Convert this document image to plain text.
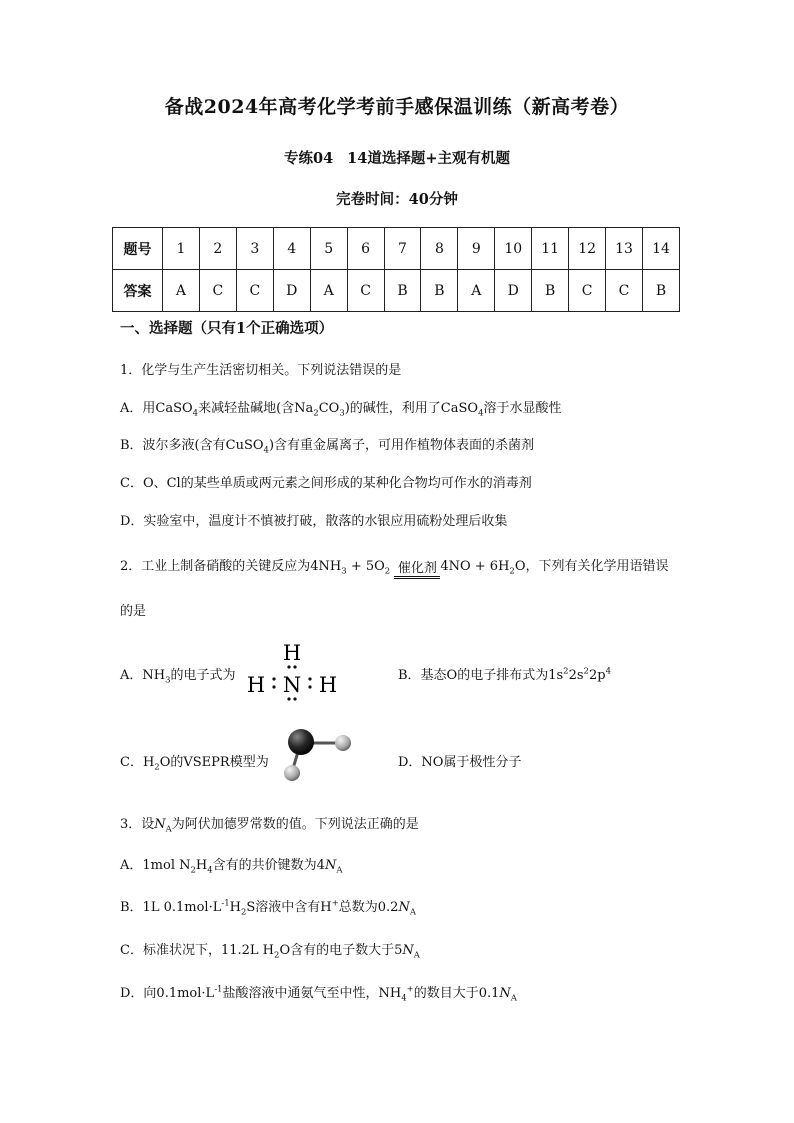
备战2024年高考化学考前手感保温训练（新高考卷）
专练04 14道选择题+主观有机题
完卷时间：40分钟
题号	1	2	3	4	5	6	7	8	9	10	11	12	13	14
答案	A	C	C	D	A	C	B	B	A	D	B	C	C	B
一、选择题（只有1个正确选项）
1．化学与生产生活密切相关。下列说法错误的是
A．用CaSO$_4$来减轻盐碱地(含$Na_2CO_3$)的碱性，利用了CaSO$_4$溶于水显酸性
B．波尔多液(含有CuSO$_4$)含有重金属离子，可用作植物体表面的杀菌剂
C．O、Cl的某些单质或两元素之间形成的某种化合物均可作水的消毒剂
D．实验室中，温度计不慎被打破，散落的水银应用硫粉处理后收集
2．工业上制备硝酸的关键反应为$4NH_3 + 5O_2$ 催化剂 $4NO + 6H_2O$，下列有关化学用语错误
的是
A．$NH_3$的电子式为
H
H N H	B．基态O的电子排布式为$1s^22s^22p^4$
C．$H_2O$的VSEPR模型为	D．NO属于极性分子
3．设$N_A$为阿伏加德罗常数的值。下列说法正确的是
A．1mol $N_2H_4$含有的共价键数为$4N_A$
B．1L $0.1mol\cdot L^{-1}H_2S$溶液中含有H+总数为$0.2N_A$
C．标准状况下，11.2L $H_2O$含有的电子数大于$5N_A$
D．向$0.1mol\cdot L^{-1}$盐酸溶液中通氨气至中性，$NH_4^+$的数目大于$0.1N_A$
